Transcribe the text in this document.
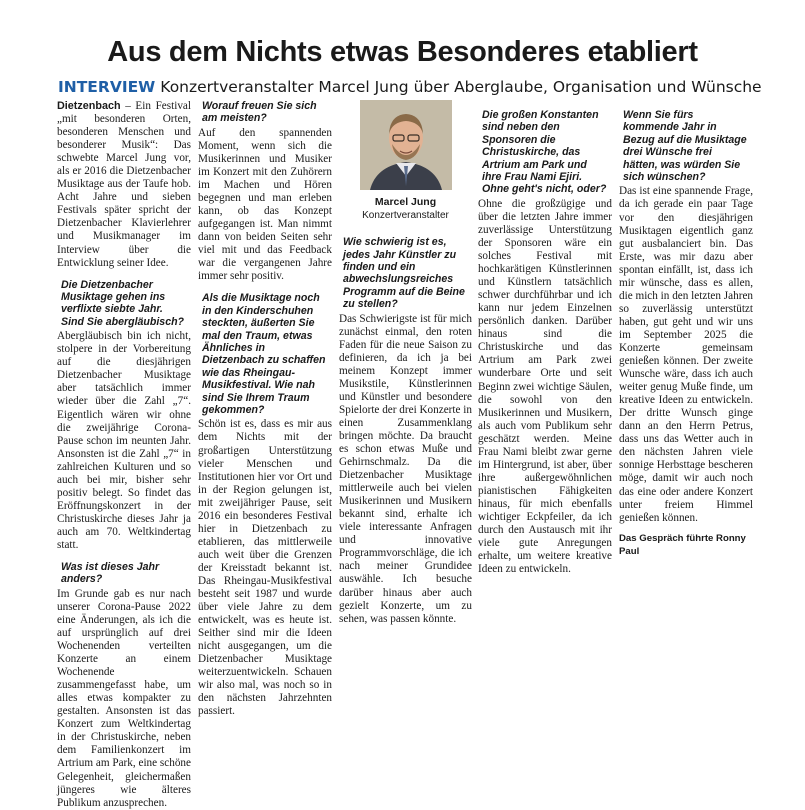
Aus dem Nichts etwas Besonderes etabliert
INTERVIEW Konzertveranstalter Marcel Jung über Aberglaube, Organisation und Wünsche

Dietzenbach – Ein Festival „mit besonderen Orten, besonderen Menschen und besonderer Musik“: Das schwebte Marcel Jung vor, als er 2016 die Dietzenbacher Musiktage aus der Taufe hob. Acht Jahre und sieben Festivals später spricht der Dietzenbacher Klavierlehrer und Musikmanager im Interview über die Entwicklung seiner Idee.

Die Dietzenbacher Musiktage gehen ins verflixte siebte Jahr. Sind Sie abergläubisch?

Abergläubisch bin ich nicht, stolpere in der Vorbereitung auf die diesjährigen Dietzenbacher Musiktage aber tatsächlich immer wieder über die Zahl „7“. Eigentlich wären wir ohne die zweijährige Corona-Pause schon im neunten Jahr. Ansonsten ist die Zahl „7“ in zahlreichen Kulturen und so auch bei mir, bisher sehr positiv belegt. So findet das Eröffnungskonzert in der Christuskirche dieses Jahr ja auch am 70. Weltkindertag statt.

Was ist dieses Jahr anders?

Im Grunde gab es nur nach unserer Corona-Pause 2022 eine Änderungen, als ich die auf ursprünglich auf drei Wochenenden verteilten Konzerte an einem Wochenende zusammengefasst habe, um alles etwas kompakter zu gestalten. Ansonsten ist das Konzert zum Weltkindertag in der Christuskirche, neben dem Familienkonzert im Artrium am Park, eine schöne Gelegenheit, gleichermaßen jüngeres wie älteres Publikum anzusprechen.

Worauf freuen Sie sich am meisten?

Auf den spannenden Moment, wenn sich die Musikerinnen und Musiker im Konzert mit den Zuhörern im Machen und Hören begegnen und man erleben kann, ob das Konzept aufgegangen ist. Man nimmt dann von beiden Seiten sehr viel mit und das Feedback war die vergangenen Jahre immer sehr positiv.

Als die Musiktage noch in den Kinderschuhen steckten, äußerten Sie mal den Traum, etwas Ähnliches in Dietzenbach zu schaffen wie das Rheingau-Musikfestival. Wie nah sind Sie Ihrem Traum gekommen?

Schön ist es, dass es mir aus dem Nichts mit der großartigen Unterstützung vieler Menschen und Institutionen hier vor Ort und in der Region gelungen ist, mit zweijähriger Pause, seit 2016 ein besonderes Festival hier in Dietzenbach zu etablieren, das mittlerweile auch weit über die Grenzen der Kreisstadt bekannt ist. Das Rheingau-Musikfestival besteht seit 1987 und wurde über viele Jahre zu dem entwickelt, was es heute ist. Seither sind mir die Ideen nicht ausgegangen, um die Dietzenbacher Musiktage weiterzuentwickeln. Schauen wir also mal, was noch so in den nächsten Jahrzehnten passiert.

Marcel Jung

Konzertveranstalter

Wie schwierig ist es, jedes Jahr Künstler zu finden und ein abwechslungsreiches Programm auf die Beine zu stellen?

Das Schwierigste ist für mich zunächst einmal, den roten Faden für die neue Saison zu definieren, da ich ja bei meinem Konzept immer Musikstile, Künstlerinnen und Künstler und besondere Spielorte der drei Konzerte in einen Zusammenklang bringen möchte. Da braucht es schon etwas Muße und Gehirnschmalz. Da die Dietzenbacher Musiktage mittlerweile auch bei vielen Musikerinnen und Musikern bekannt sind, erhalte ich viele interessante Anfragen und innovative Programmvorschläge, die ich nach meiner Grundidee auswähle. Ich besuche darüber hinaus aber auch gezielt Konzerte, um zu sehen, was passen könnte.

Die großen Konstanten sind neben den Sponsoren die Christuskirche, das Artrium am Park und ihre Frau Nami Ejiri. Ohne geht's nicht, oder?

Ohne die großzügige und über die letzten Jahre immer zuverlässige Unterstützung der Sponsoren wäre ein solches Festival mit hochkarätigen Künstlerinnen und Künstlern tatsächlich schwer durchführbar und ich kann nur jedem Einzelnen persönlich danken. Darüber hinaus sind die Christuskirche und das Artrium am Park zwei wunderbare Orte und seit Beginn zwei wichtige Säulen, die sowohl von den Musikerinnen und Musikern, als auch vom Publikum sehr geschätzt werden. Meine Frau Nami bleibt zwar gerne im Hintergrund, ist aber, über ihre außergewöhnlichen pianistischen Fähigkeiten hinaus, für mich ebenfalls wichtiger Eckpfeiler, da ich durch den Austausch mit ihr viele gute Anregungen erhalte, um weitere kreative Ideen zu entwickeln.

Wenn Sie fürs kommende Jahr in Bezug auf die Musiktage drei Wünsche frei hätten, was würden Sie sich wünschen?

Das ist eine spannende Frage, da ich gerade ein paar Tage vor den diesjährigen Musiktagen eigentlich ganz gut ausbalanciert bin. Das Erste, was mir dazu aber spontan einfällt, ist, dass ich mir wünsche, dass es allen, die mich in den letzten Jahren so zuverlässig unterstützt haben, gut geht und wir uns im September 2025 die Konzerte gemeinsam genießen können. Der zweite Wunsche wäre, dass ich auch weiter genug Muße finde, um kreative Ideen zu entwickeln. Der dritte Wunsch ginge dann an den Herrn Petrus, dass uns das Wetter auch in den nächsten Jahren viele sonnige Herbsttage bescheren möge, damit wir auch noch das eine oder andere Konzert unter freiem Himmel genießen können.

Das Gespräch führte Ronny Paul
